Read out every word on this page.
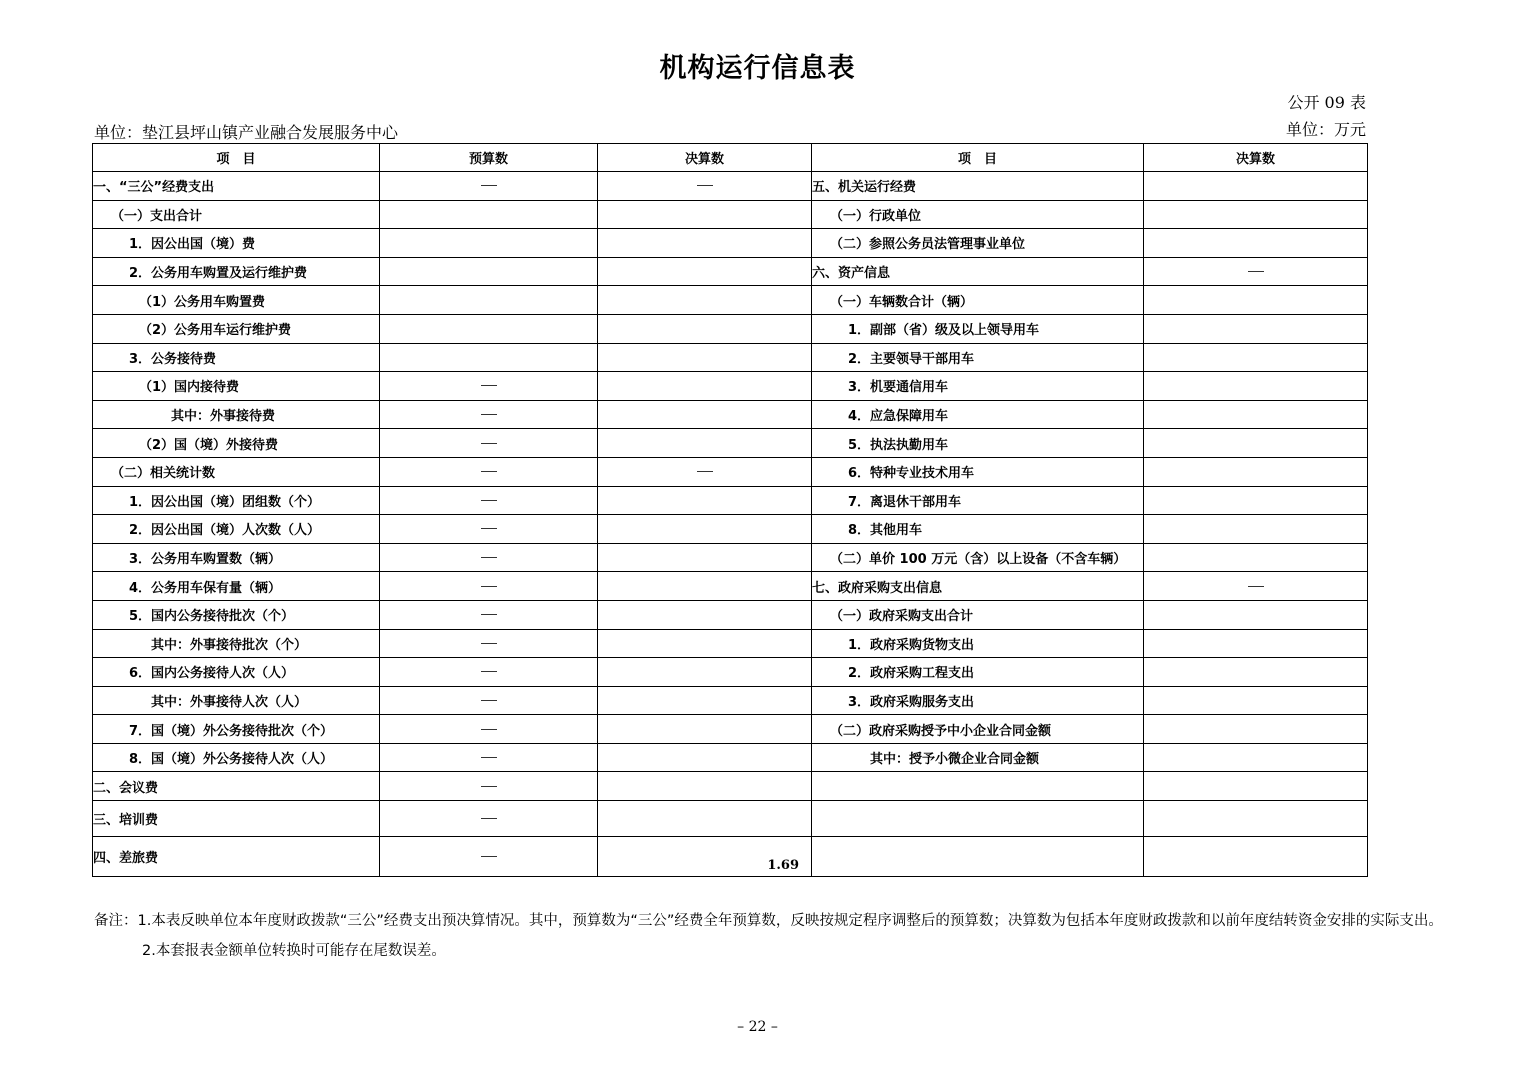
机构运行信息表
公开 09 表
单位：垫江县坪山镇产业融合发展服务中心	单位：万元
项　目	预算数	决算数	项　目	决算数
一、“三公”经费支出			五、机关运行经费	
（一）支出合计			（一）行政单位	
1．因公出国（境）费			（二）参照公务员法管理事业单位	
2．公务用车购置及运行维护费			六、资产信息	
（1）公务用车购置费			（一）车辆数合计（辆）	
（2）公务用车运行维护费			1．副部（省）级及以上领导用车	
3．公务接待费			2．主要领导干部用车	
（1）国内接待费			3．机要通信用车	
其中：外事接待费			4．应急保障用车	
（2）国（境）外接待费			5．执法执勤用车	
（二）相关统计数			6．特种专业技术用车	
1．因公出国（境）团组数（个）			7．离退休干部用车	
2．因公出国（境）人次数（人）			8．其他用车	
3．公务用车购置数（辆）			（二）单价 100 万元（含）以上设备（不含车辆）	
4．公务用车保有量（辆）			七、政府采购支出信息	
5．国内公务接待批次（个）			（一）政府采购支出合计	
其中：外事接待批次（个）			1．政府采购货物支出	
6．国内公务接待人次（人）			2．政府采购工程支出	
其中：外事接待人次（人）			3．政府采购服务支出	
7．国（境）外公务接待批次（个）			（二）政府采购授予中小企业合同金额	
8．国（境）外公务接待人次（人）			其中：授予小微企业合同金额	
二、会议费				
三、培训费				
四、差旅费		1.69		

备注：1.本表反映单位本年度财政拨款“三公”经费支出预决算情况。其中，预算数为“三公”经费全年预算数，反映按规定程序调整后的预算数；决算数为包括本年度财政拨款和以前年度结转资金安排的实际支出。

2.本套报表金额单位转换时可能存在尾数误差。

– 22 –
